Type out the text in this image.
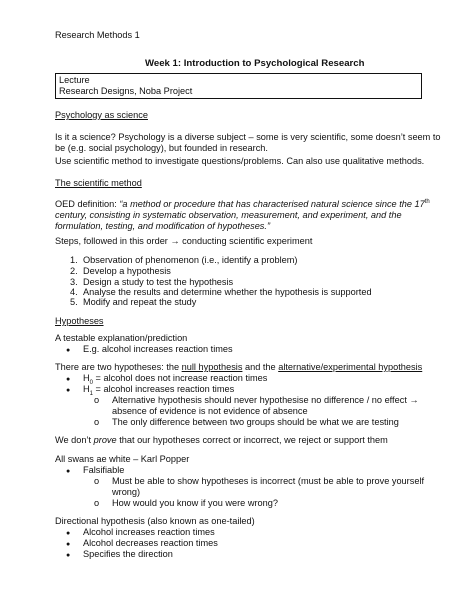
Research Methods 1
Week 1: Introduction to Psychological Research
Lecture
Research Designs, Noba Project
Psychology as science
Is it a science? Psychology is a diverse subject – some is very scientific, some doesn’t seem to
be (e.g. social psychology), but founded in research.
Use scientific method to investigate questions/problems. Can also use qualitative methods.
The scientific method
OED definition: “a method or procedure that has characterised natural science since the 17th
century, consisting in systematic observation, measurement, and experiment, and the
formulation, testing, and modification of hypotheses.”
Steps, followed in this order → conducting scientific experiment
1. Observation of phenomenon (i.e., identify a problem)
2. Develop a hypothesis
3. Design a study to test the hypothesis
4. Analyse the results and determine whether the hypothesis is supported
5. Modify and repeat the study
Hypotheses
A testable explanation/prediction
● E.g. alcohol increases reaction times
There are two hypotheses: the null hypothesis and the alternative/experimental hypothesis
● $H_0$ = alcohol does not increase reaction times
● $H_1$ = alcohol increases reaction times
o Alternative hypothesis should never hypothesise no difference / no effect →
absence of evidence is not evidence of absence
o The only difference between two groups should be what we are testing
We don’t prove that our hypotheses correct or incorrect, we reject or support them
All swans ae white – Karl Popper
● Falsifiable
o Must be able to show hypotheses is incorrect (must be able to prove yourself
wrong)
o How would you know if you were wrong?
Directional hypothesis (also known as one-tailed)
● Alcohol increases reaction times
● Alcohol decreases reaction times
● Specifies the direction
